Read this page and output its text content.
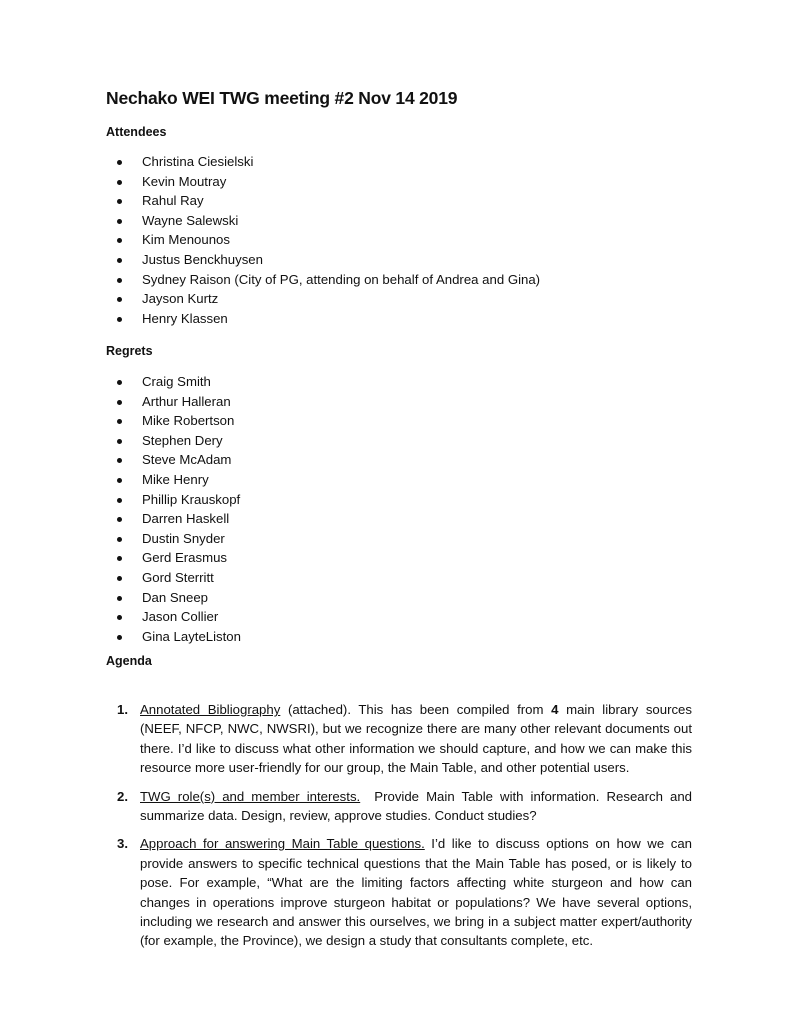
Nechako WEI TWG meeting #2 Nov 14 2019
Attendees
Christina Ciesielski
Kevin Moutray
Rahul Ray
Wayne Salewski
Kim Menounos
Justus Benckhuysen
Sydney Raison (City of PG, attending on behalf of Andrea and Gina)
Jayson Kurtz
Henry Klassen
Regrets
Craig Smith
Arthur Halleran
Mike Robertson
Stephen Dery
Steve McAdam
Mike Henry
Phillip Krauskopf
Darren Haskell
Dustin Snyder
Gerd Erasmus
Gord Sterritt
Dan Sneep
Jason Collier
Gina LayteListon
Agenda
1. Annotated Bibliography (attached). This has been compiled from 4 main library sources (NEEF, NFCP, NWC, NWSRI), but we recognize there are many other relevant documents out there. I’d like to discuss what other information we should capture, and how we can make this resource more user-friendly for our group, the Main Table, and other potential users.
2. TWG role(s) and member interests.  Provide Main Table with information. Research and summarize data. Design, review, approve studies. Conduct studies?
3. Approach for answering Main Table questions. I’d like to discuss options on how we can provide answers to specific technical questions that the Main Table has posed, or is likely to pose. For example, “What are the limiting factors affecting white sturgeon and how can changes in operations improve sturgeon habitat or populations? We have several options, including we research and answer this ourselves, we bring in a subject matter expert/authority (for example, the Province), we design a study that consultants complete, etc.
